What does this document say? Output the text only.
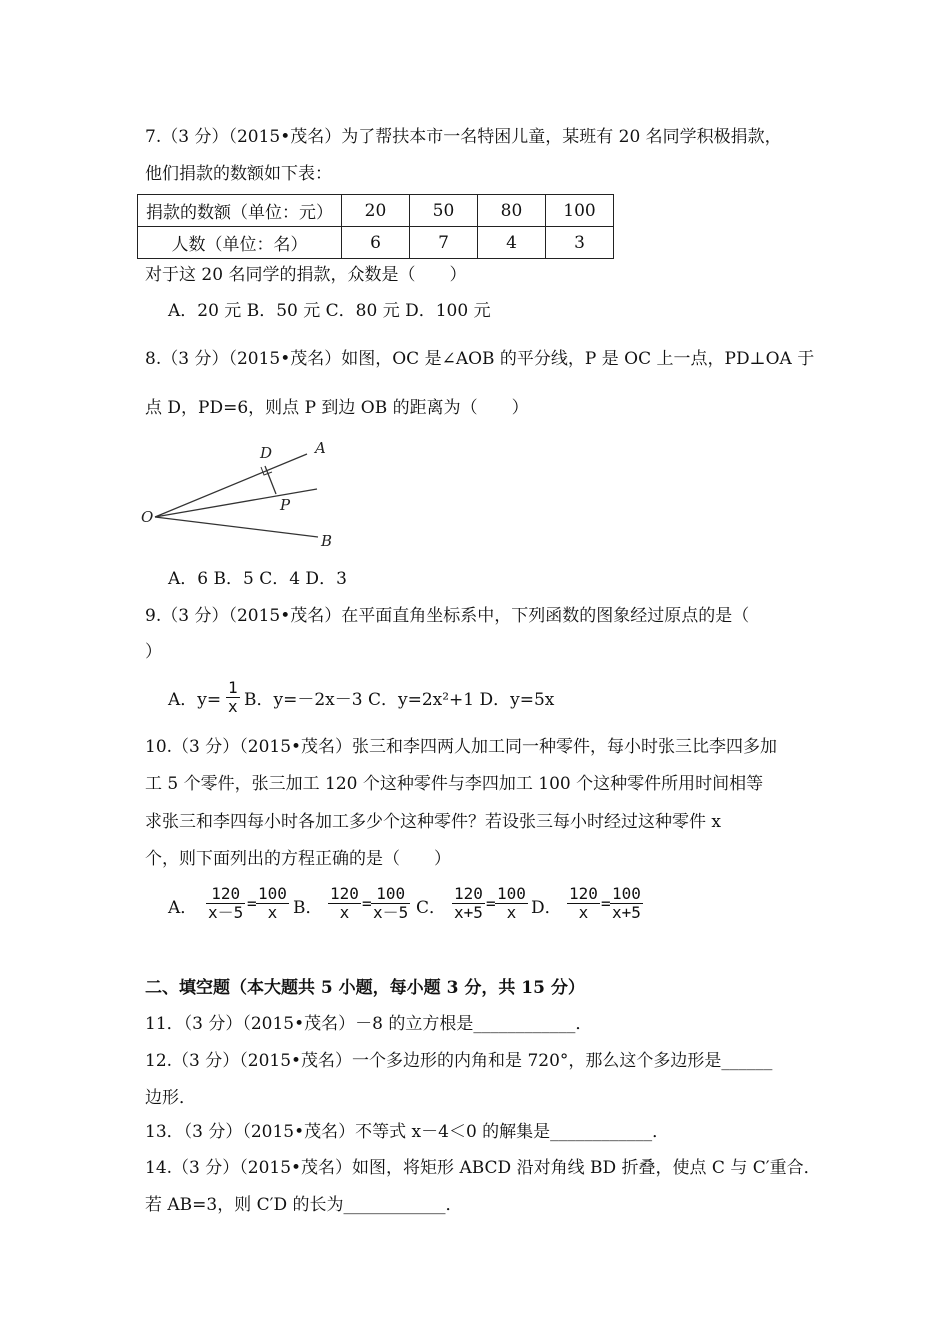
7.（3 分）（2015•茂名）为了帮扶本市一名特困儿童，某班有 20 名同学积极捐款，
他们捐款的数额如下表：
捐款的数额（单位：元）	20	50	80	100
人数（单位：名）	6	7	4	3
对于这 20 名同学的捐款，众数是（　　）
A．20 元 B．50 元 C．80 元 D．100 元
8.（3 分）（2015•茂名）如图，OC 是∠AOB 的平分线，P 是 OC 上一点，PD⊥OA 于
点 D，PD=6，则点 P 到边 OB 的距离为（　　）
D	A
P
O
B
A．6 B．5 C．4 D．3
9.（3 分）（2015•茂名）在平面直角坐标系中，下列函数的图象经过原点的是（
）
A．$y= \frac{1}{x}$ B．y=－2x－3 C．y=2x²+1 D．y=5x
10.（3 分）（2015•茂名）张三和李四两人加工同一种零件，每小时张三比李四多加
工 5 个零件，张三加工 120 个这种零件与李四加工 100 个这种零件所用时间相等
求张三和李四每小时各加工多少个这种零件？若设张三每小时经过这种零件 x
个，则下面列出的方程正确的是（　　）
A． $\frac{120}{x-5} = \frac{100}{x}$ B． $\frac{120}{x} = \frac{100}{x-5}$ C． $\frac{120}{x+5} = \frac{100}{x}$ D． $\frac{120}{x} = \frac{100}{x+5}$
二、填空题（本大题共 5 小题，每小题 3 分，共 15 分）
11．（3 分）（2015•茂名）－8 的立方根是____________．
12.（3 分）（2015•茂名）一个多边形的内角和是 720°，那么这个多边形是______
边形．
13．（3 分）（2015•茂名）不等式 x－4＜0 的解集是____________．
14.（3 分）（2015•茂名）如图，将矩形 ABCD 沿对角线 BD 折叠，使点 C 与 C′重合．
若 AB=3，则 C′D 的长为____________．
